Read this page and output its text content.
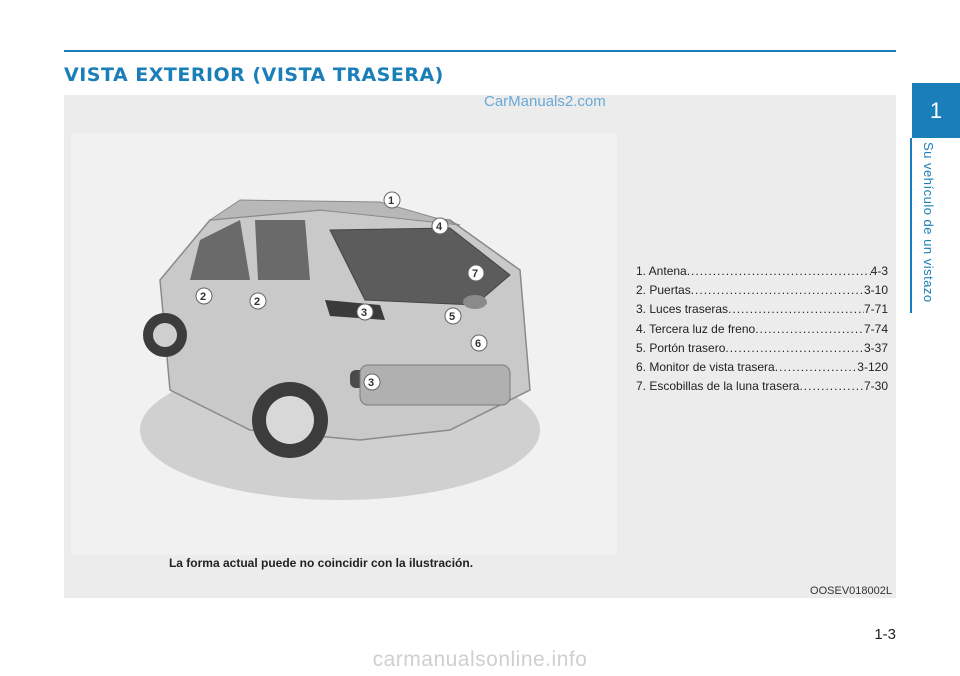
VISTA EXTERIOR (VISTA TRASERA)
CarManuals2.com
1
2	2
3
3
4
5
6
7
La forma actual puede no coincidir con la ilustración.
OOSEV018002L
1. Antena .....	4-3
2. Puertas .....	3-10
3. Luces traseras .....	7-71
4. Tercera luz de freno .....	7-74
5. Portón trasero .....	3-37
6. Monitor de vista trasera .....	3-120
7. Escobillas de la luna trasera .....	7-30
1
Su vehículo de un vistazo
1-3
carmanualsonline.info
